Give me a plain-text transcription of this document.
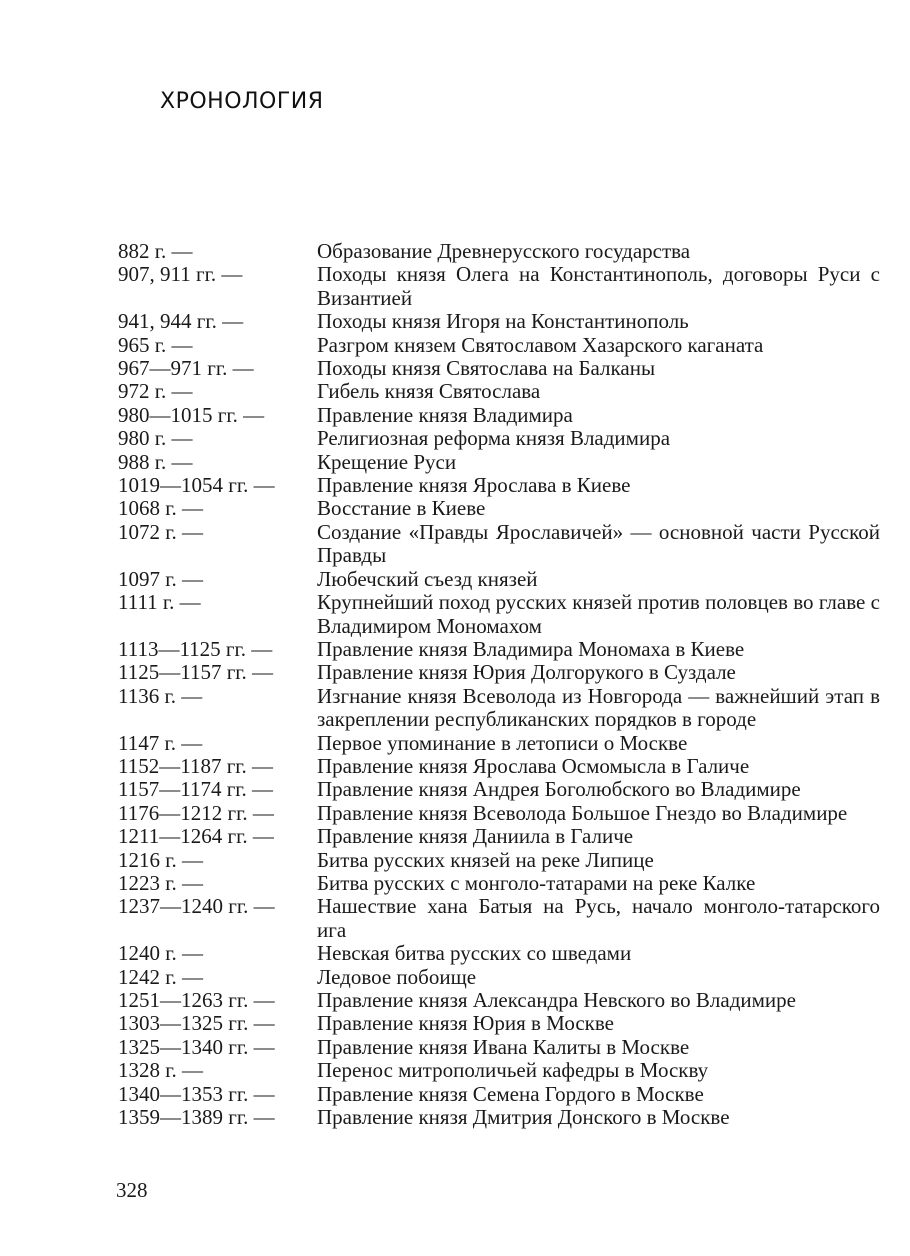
ХРОНОЛОГИЯ
882 г. —	Образование Древнерусского государства
907, 911 гг. —	Походы князя Олега на Константинополь, договоры Руси с Византией
941, 944 гг. —	Походы князя Игоря на Константинополь
965 г. —	Разгром князем Святославом Хазарского каганата
967—971 гг. —	Походы князя Святослава на Балканы
972 г. —	Гибель князя Святослава
980—1015 гг. —	Правление князя Владимира
980 г. —	Религиозная реформа князя Владимира
988 г. —	Крещение Руси
1019—1054 гг. —	Правление князя Ярослава в Киеве
1068 г. —	Восстание в Киеве
1072 г. —	Создание «Правды Ярославичей» — основной части Русской Правды
1097 г. —	Любечский съезд князей
1111 г. —	Крупнейший поход русских князей против половцев во главе с Владимиром Мономахом
1113—1125 гг. —	Правление князя Владимира Мономаха в Киеве
1125—1157 гг. —	Правление князя Юрия Долгорукого в Суздале
1136 г. —	Изгнание князя Всеволода из Новгорода — важнейший этап в закреплении республиканских порядков в городе
1147 г. —	Первое упоминание в летописи о Москве
1152—1187 гг. —	Правление князя Ярослава Осмомысла в Галиче
1157—1174 гг. —	Правление князя Андрея Боголюбского во Владимире
1176—1212 гг. —	Правление князя Всеволода Большое Гнездо во Владимире
1211—1264 гг. —	Правление князя Даниила в Галиче
1216 г. —	Битва русских князей на реке Липице
1223 г. —	Битва русских с монголо-татарами на реке Калке
1237—1240 гг. —	Нашествие хана Батыя на Русь, начало монголо-татарского ига
1240 г. —	Невская битва русских со шведами
1242 г. —	Ледовое побоище
1251—1263 гг. —	Правление князя Александра Невского во Владимире
1303—1325 гг. —	Правление князя Юрия в Москве
1325—1340 гг. —	Правление князя Ивана Калиты в Москве
1328 г. —	Перенос митрополичьей кафедры в Москву
1340—1353 гг. —	Правление князя Семена Гордого в Москве
1359—1389 гг. —	Правление князя Дмитрия Донского в Москве
328
